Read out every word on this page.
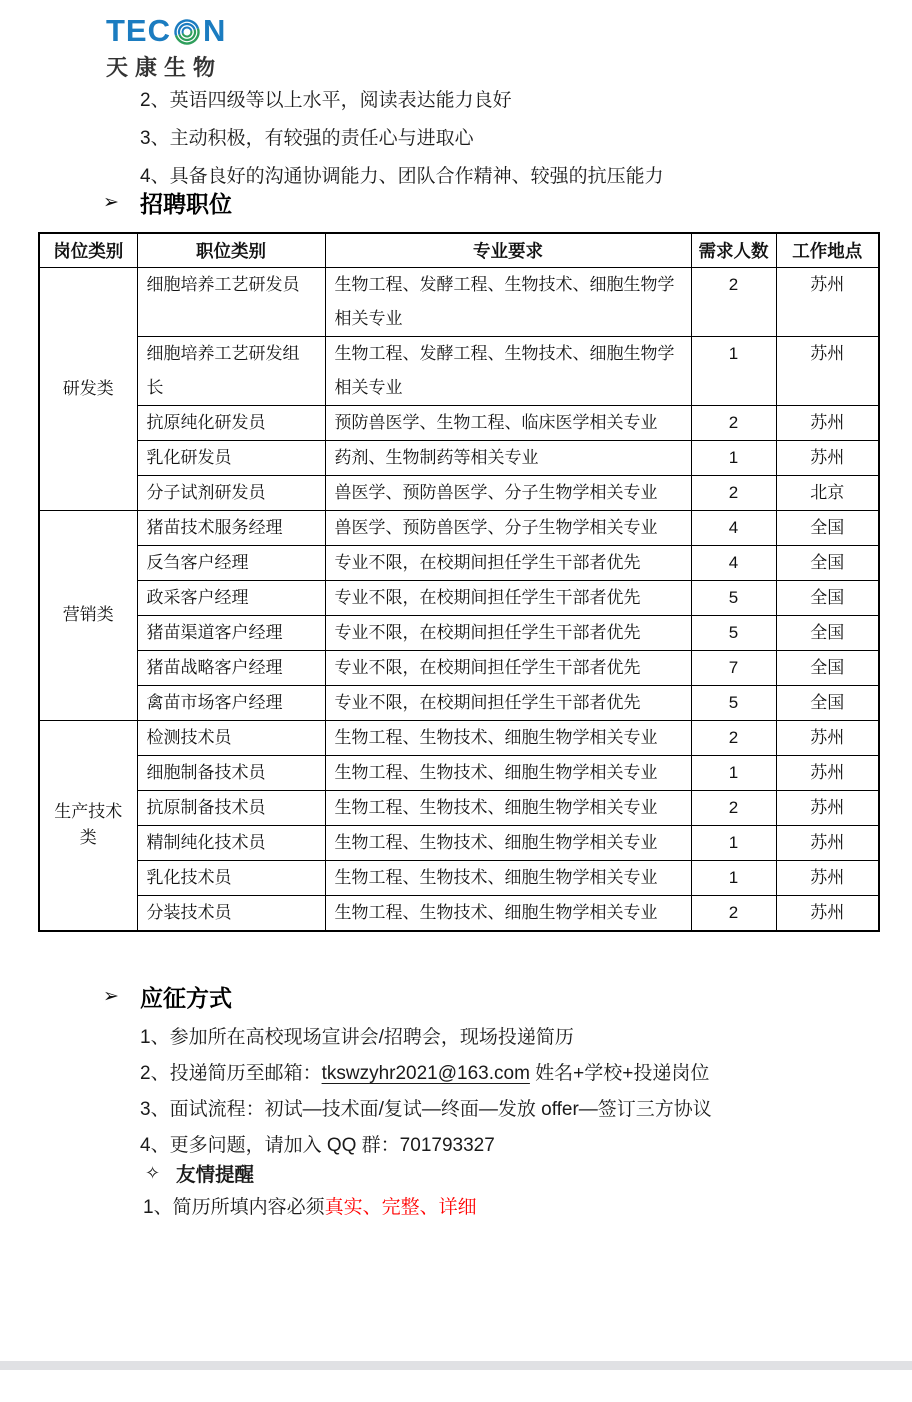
TEC N
天康生物
2、英语四级等以上水平，阅读表达能力良好
3、主动积极，有较强的责任心与进取心
4、具备良好的沟通协调能力、团队合作精神、较强的抗压能力
➢ 招聘职位
岗位类别	职位类别	专业要求	需求人数	工作地点
研发类	细胞培养工艺研发员	生物工程、发酵工程、生物技术、细胞生物学相关专业	2	苏州
	细胞培养工艺研发组长	生物工程、发酵工程、生物技术、细胞生物学相关专业	1	苏州
	抗原纯化研发员	预防兽医学、生物工程、临床医学相关专业	2	苏州
	乳化研发员	药剂、生物制药等相关专业	1	苏州
	分子试剂研发员	兽医学、预防兽医学、分子生物学相关专业	2	北京
营销类	猪苗技术服务经理	兽医学、预防兽医学、分子生物学相关专业	4	全国
	反刍客户经理	专业不限，在校期间担任学生干部者优先	4	全国
	政采客户经理	专业不限，在校期间担任学生干部者优先	5	全国
	猪苗渠道客户经理	专业不限，在校期间担任学生干部者优先	5	全国
	猪苗战略客户经理	专业不限，在校期间担任学生干部者优先	7	全国
	禽苗市场客户经理	专业不限，在校期间担任学生干部者优先	5	全国
生产技术类	检测技术员	生物工程、生物技术、细胞生物学相关专业	2	苏州
	细胞制备技术员	生物工程、生物技术、细胞生物学相关专业	1	苏州
	抗原制备技术员	生物工程、生物技术、细胞生物学相关专业	2	苏州
	精制纯化技术员	生物工程、生物技术、细胞生物学相关专业	1	苏州
	乳化技术员	生物工程、生物技术、细胞生物学相关专业	1	苏州
	分装技术员	生物工程、生物技术、细胞生物学相关专业	2	苏州
➢ 应征方式
1、参加所在高校现场宣讲会/招聘会，现场投递简历
2、投递简历至邮箱：tkswzyhr2021@163.com 姓名+学校+投递岗位
3、面试流程：初试—技术面/复试—终面—发放 offer—签订三方协议
4、更多问题，请加入 QQ 群：701793327
✧ 友情提醒
1、简历所填内容必须真实、完整、详细
